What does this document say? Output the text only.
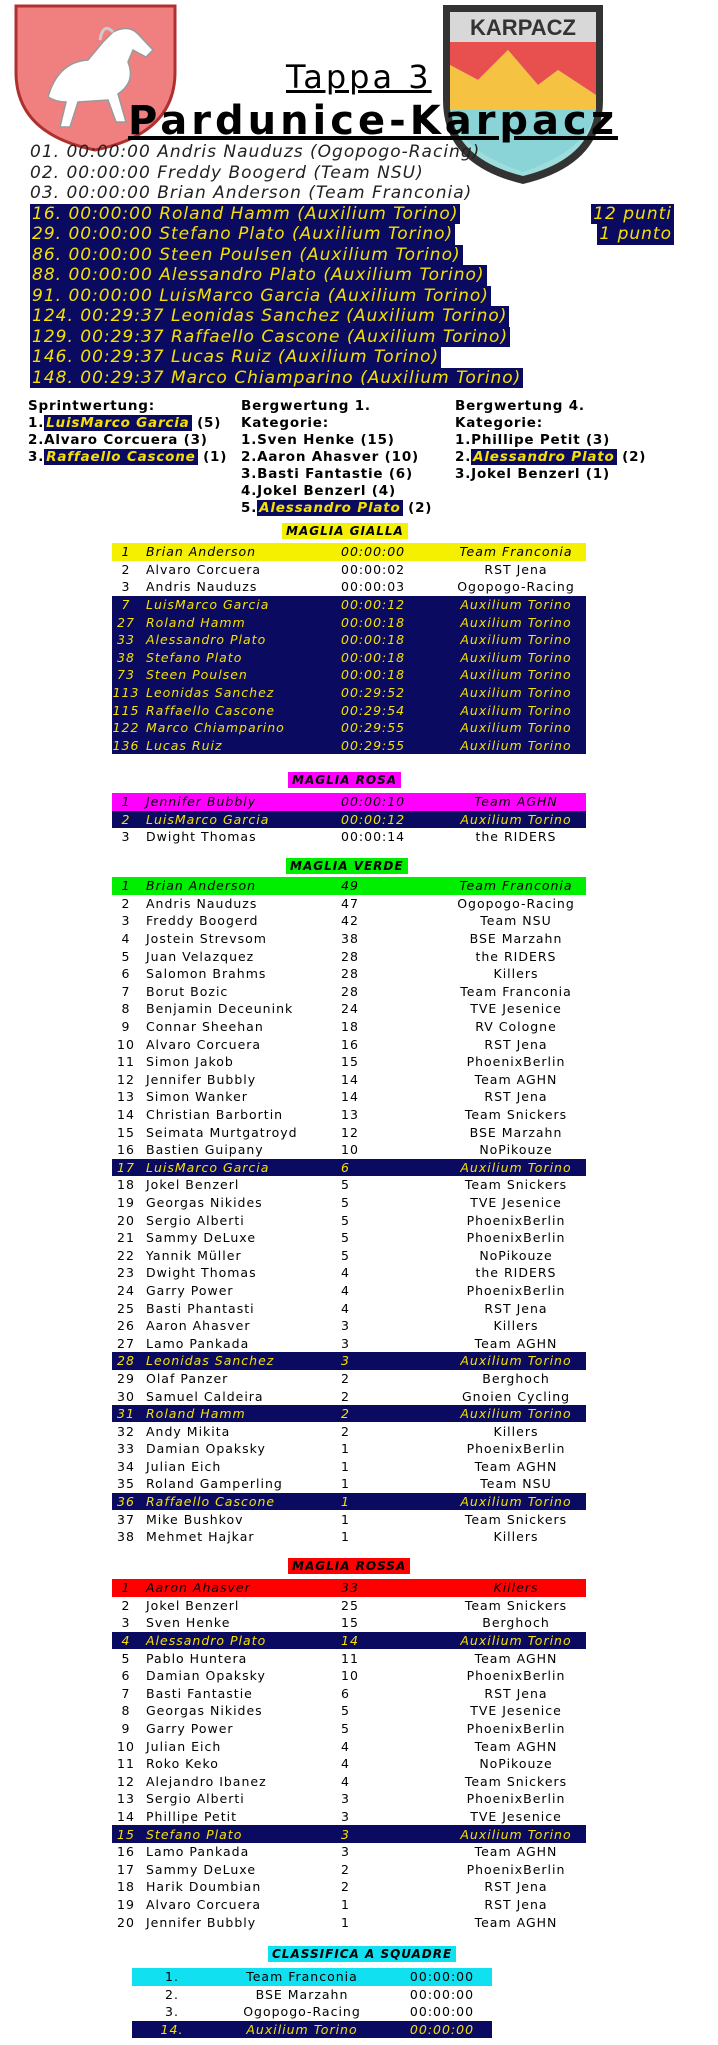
KARPACZ
Tappa 3
Pardunice-Karpacz
01. 00:00:00 Andris Nauduzs (Ogopogo-Racing)
02. 00:00:00 Freddy Boogerd (Team NSU)
03. 00:00:00 Brian Anderson (Team Franconia)
16. 00:00:00 Roland Hamm (Auxilium Torino)	12 punti
29. 00:00:00 Stefano Plato (Auxilium Torino)	1 punto
86. 00:00:00 Steen Poulsen (Auxilium Torino)
88. 00:00:00 Alessandro Plato (Auxilium Torino)
91. 00:00:00 LuisMarco Garcia (Auxilium Torino)
124. 00:29:37 Leonidas Sanchez (Auxilium Torino)
129. 00:29:37 Raffaello Cascone (Auxilium Torino)
146. 00:29:37 Lucas Ruiz (Auxilium Torino)
148. 00:29:37 Marco Chiamparino (Auxilium Torino)
Sprintwertung:
1. LuisMarco Garcia (5)
2.Alvaro Corcuera (3)
3. Raffaello Cascone (1)
Bergwertung 1.
Kategorie:
1.Sven Henke (15)
2.Aaron Ahasver (10)
3.Basti Fantastie (6)
4.Jokel Benzerl (4)
5. Alessandro Plato (2)
Bergwertung 4.
Kategorie:
1.Phillipe Petit (3)
2. Alessandro Plato (2)
3.Jokel Benzerl (1)
MAGLIA GIALLA
1	Brian Anderson	00:00:00	Team Franconia
2	Alvaro Corcuera	00:00:02	RST Jena
3	Andris Nauduzs	00:00:03	Ogopogo-Racing
7	LuisMarco Garcia	00:00:12	Auxilium Torino
27	Roland Hamm	00:00:18	Auxilium Torino
33	Alessandro Plato	00:00:18	Auxilium Torino
38	Stefano Plato	00:00:18	Auxilium Torino
73	Steen Poulsen	00:00:18	Auxilium Torino
113	Leonidas Sanchez	00:29:52	Auxilium Torino
115	Raffaello Cascone	00:29:54	Auxilium Torino
122	Marco Chiamparino	00:29:55	Auxilium Torino
136	Lucas Ruiz	00:29:55	Auxilium Torino
MAGLIA ROSA
1	Jennifer Bubbly	00:00:10	Team AGHN
2	LuisMarco Garcia	00:00:12	Auxilium Torino
3	Dwight Thomas	00:00:14	the RIDERS
MAGLIA VERDE
1	Brian Anderson	49	Team Franconia
2	Andris Nauduzs	47	Ogopogo-Racing
3	Freddy Boogerd	42	Team NSU
4	Jostein Strevsom	38	BSE Marzahn
5	Juan Velazquez	28	the RIDERS
6	Salomon Brahms	28	Killers
7	Borut Bozic	28	Team Franconia
8	Benjamin Deceunink	24	TVE Jesenice
9	Connar Sheehan	18	RV Cologne
10	Alvaro Corcuera	16	RST Jena
11	Simon Jakob	15	PhoenixBerlin
12	Jennifer Bubbly	14	Team AGHN
13	Simon Wanker	14	RST Jena
14	Christian Barbortin	13	Team Snickers
15	Seimata Murtgatroyd	12	BSE Marzahn
16	Bastien Guipany	10	NoPikouze
17	LuisMarco Garcia	6	Auxilium Torino
18	Jokel Benzerl	5	Team Snickers
19	Georgas Nikides	5	TVE Jesenice
20	Sergio Alberti	5	PhoenixBerlin
21	Sammy DeLuxe	5	PhoenixBerlin
22	Yannik Müller	5	NoPikouze
23	Dwight Thomas	4	the RIDERS
24	Garry Power	4	PhoenixBerlin
25	Basti Phantasti	4	RST Jena
26	Aaron Ahasver	3	Killers
27	Lamo Pankada	3	Team AGHN
28	Leonidas Sanchez	3	Auxilium Torino
29	Olaf Panzer	2	Berghoch
30	Samuel Caldeira	2	Gnoien Cycling
31	Roland Hamm	2	Auxilium Torino
32	Andy Mikita	2	Killers
33	Damian Opaksky	1	PhoenixBerlin
34	Julian Eich	1	Team AGHN
35	Roland Gamperling	1	Team NSU
36	Raffaello Cascone	1	Auxilium Torino
37	Mike Bushkov	1	Team Snickers
38	Mehmet Hajkar	1	Killers
MAGLIA ROSSA
1	Aaron Ahasver	33	Killers
2	Jokel Benzerl	25	Team Snickers
3	Sven Henke	15	Berghoch
4	Alessandro Plato	14	Auxilium Torino
5	Pablo Huntera	11	Team AGHN
6	Damian Opaksky	10	PhoenixBerlin
7	Basti Fantastie	6	RST Jena
8	Georgas Nikides	5	TVE Jesenice
9	Garry Power	5	PhoenixBerlin
10	Julian Eich	4	Team AGHN
11	Roko Keko	4	NoPikouze
12	Alejandro Ibanez	4	Team Snickers
13	Sergio Alberti	3	PhoenixBerlin
14	Phillipe Petit	3	TVE Jesenice
15	Stefano Plato	3	Auxilium Torino
16	Lamo Pankada	3	Team AGHN
17	Sammy DeLuxe	2	PhoenixBerlin
18	Harik Doumbian	2	RST Jena
19	Alvaro Corcuera	1	RST Jena
20	Jennifer Bubbly	1	Team AGHN
CLASSIFICA A SQUADRE
1.	Team Franconia	00:00:00
2.	BSE Marzahn	00:00:00
3.	Ogopogo-Racing	00:00:00
14.	Auxilium Torino	00:00:00
